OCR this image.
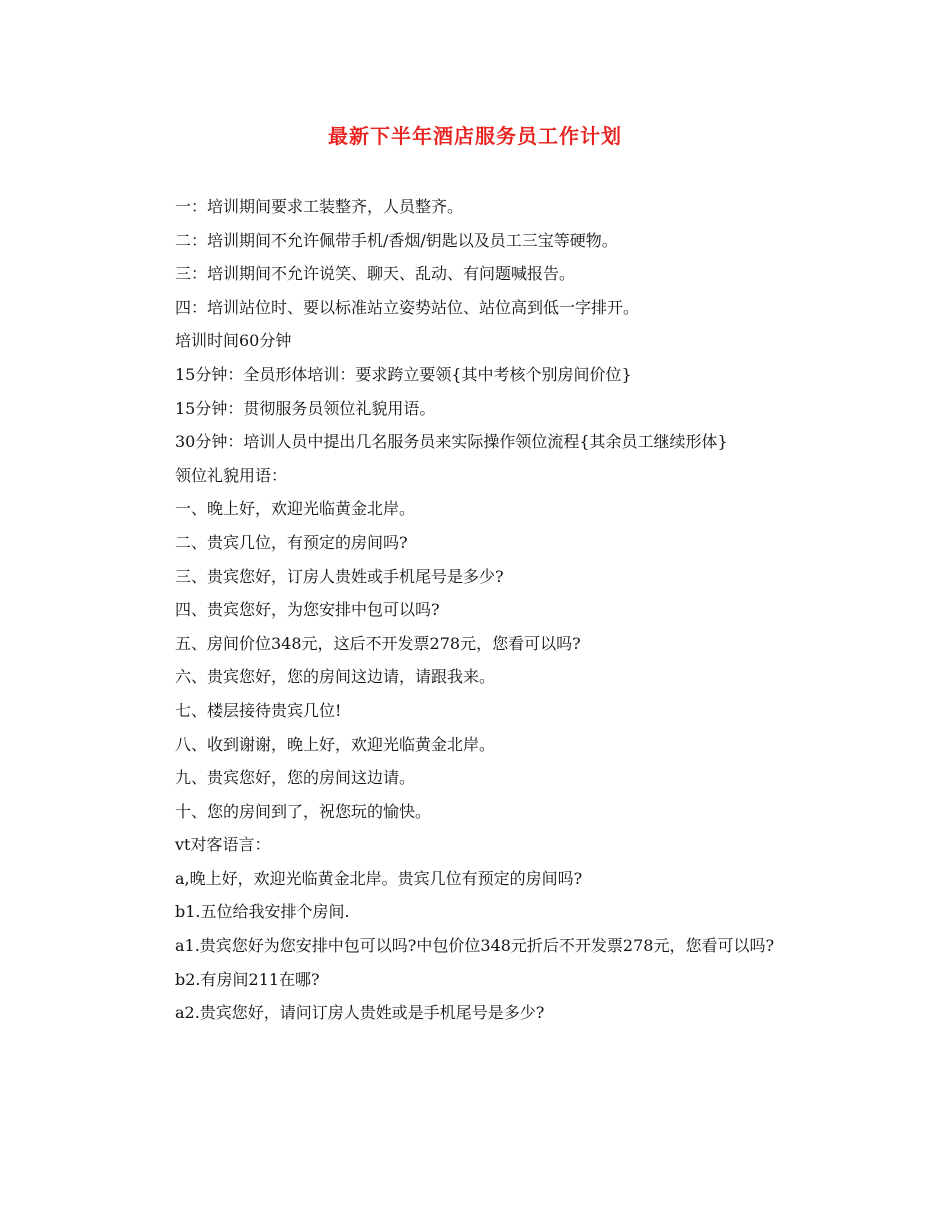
最新下半年酒店服务员工作计划

一：培训期间要求工装整齐，人员整齐。

二：培训期间不允许佩带手机/香烟/钥匙以及员工三宝等硬物。

三：培训期间不允许说笑、聊天、乱动、有问题喊报告。

四：培训站位时、要以标准站立姿势站位、站位高到低一字排开。

培训时间60分钟

15分钟：全员形体培训：要求跨立要领{其中考核个别房间价位}

15分钟：贯彻服务员领位礼貌用语。

30分钟：培训人员中提出几名服务员来实际操作领位流程{其余员工继续形体}

领位礼貌用语：

一、晚上好，欢迎光临黄金北岸。

二、贵宾几位，有预定的房间吗?

三、贵宾您好，订房人贵姓或手机尾号是多少?

四、贵宾您好，为您安排中包可以吗?

五、房间价位348元，这后不开发票278元，您看可以吗?

六、贵宾您好，您的房间这边请，请跟我来。

七、楼层接待贵宾几位!

八、收到谢谢，晚上好，欢迎光临黄金北岸。

九、贵宾您好，您的房间这边请。

十、您的房间到了，祝您玩的愉快。

vt对客语言：

a,晚上好，欢迎光临黄金北岸。贵宾几位有预定的房间吗?

b1.五位给我安排个房间.

a1.贵宾您好为您安排中包可以吗?中包价位348元折后不开发票278元，您看可以吗?

b2.有房间211在哪?

a2.贵宾您好，请问订房人贵姓或是手机尾号是多少?
